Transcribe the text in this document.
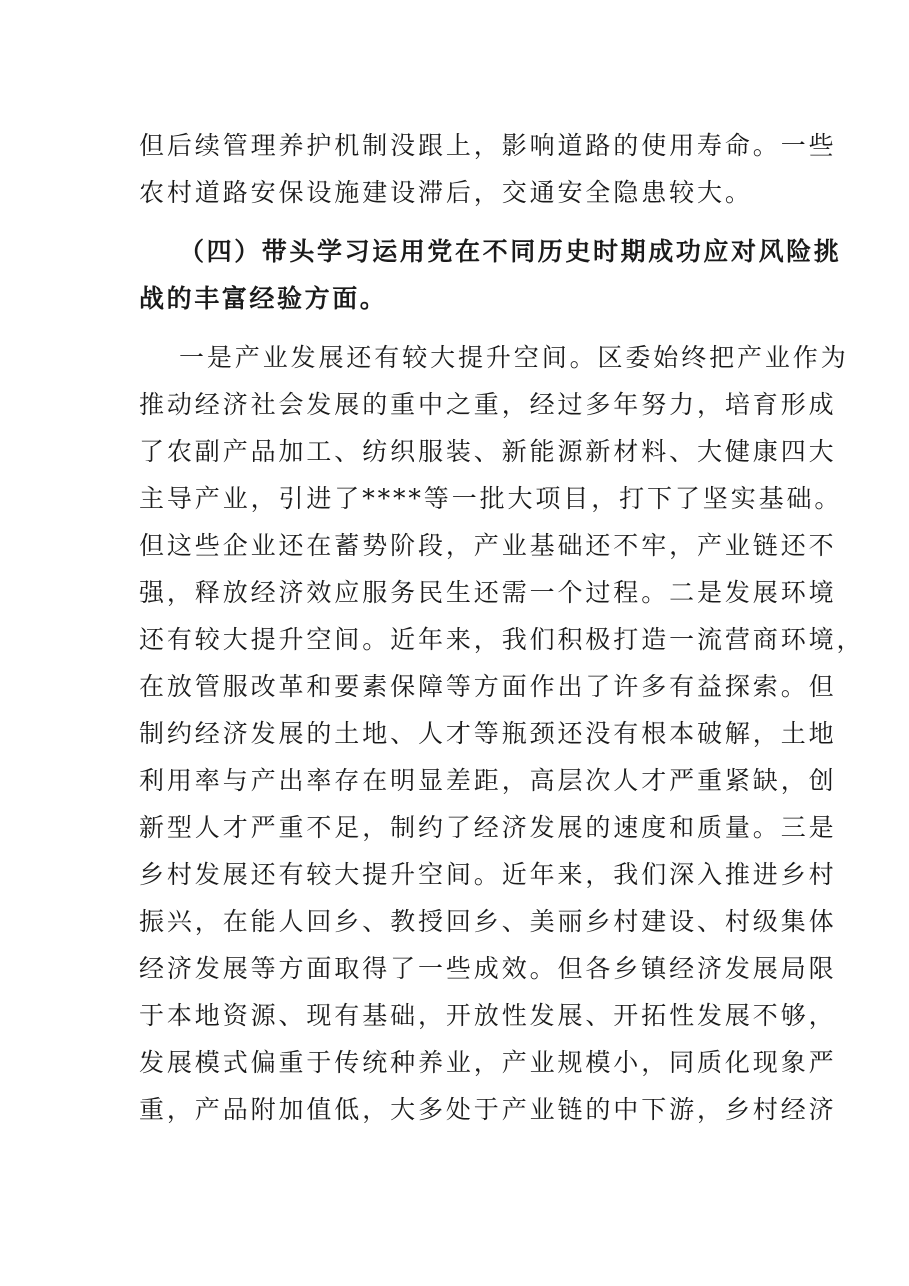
但后续管理养护机制没跟上，影响道路的使用寿命。一些
农村道路安保设施建设滞后，交通安全隐患较大。
（四）带头学习运用党在不同历史时期成功应对风险挑
战的丰富经验方面。
一是产业发展还有较大提升空间。区委始终把产业作为
推动经济社会发展的重中之重，经过多年努力，培育形成
了农副产品加工、纺织服装、新能源新材料、大健康四大
主导产业，引进了****等一批大项目，打下了坚实基础。
但这些企业还在蓄势阶段，产业基础还不牢，产业链还不
强，释放经济效应服务民生还需一个过程。二是发展环境
还有较大提升空间。近年来，我们积极打造一流营商环境，
在放管服改革和要素保障等方面作出了许多有益探索。但
制约经济发展的土地、人才等瓶颈还没有根本破解，土地
利用率与产出率存在明显差距，高层次人才严重紧缺，创
新型人才严重不足，制约了经济发展的速度和质量。三是
乡村发展还有较大提升空间。近年来，我们深入推进乡村
振兴，在能人回乡、教授回乡、美丽乡村建设、村级集体
经济发展等方面取得了一些成效。但各乡镇经济发展局限
于本地资源、现有基础，开放性发展、开拓性发展不够，
发展模式偏重于传统种养业，产业规模小，同质化现象严
重，产品附加值低，大多处于产业链的中下游，乡村经济
